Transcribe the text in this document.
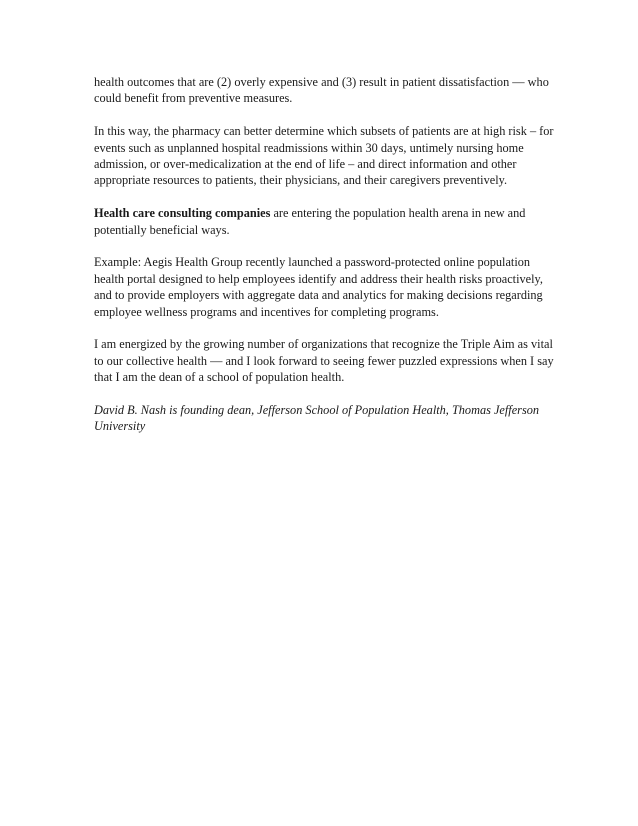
health outcomes that are (2) overly expensive and (3) result in patient dissatisfaction — who could benefit from preventive measures.

In this way, the pharmacy can better determine which subsets of patients are at high risk – for events such as unplanned hospital readmissions within 30 days, untimely nursing home admission, or over-medicalization at the end of life – and direct information and other appropriate resources to patients, their physicians, and their caregivers preventively.

Health care consulting companies are entering the population health arena in new and potentially beneficial ways.

Example: Aegis Health Group recently launched a password-protected online population health portal designed to help employees identify and address their health risks proactively, and to provide employers with aggregate data and analytics for making decisions regarding employee wellness programs and incentives for completing programs.

I am energized by the growing number of organizations that recognize the Triple Aim as vital to our collective health — and I look forward to seeing fewer puzzled expressions when I say that I am the dean of a school of population health.

David B. Nash is founding dean, Jefferson School of Population Health, Thomas Jefferson University
